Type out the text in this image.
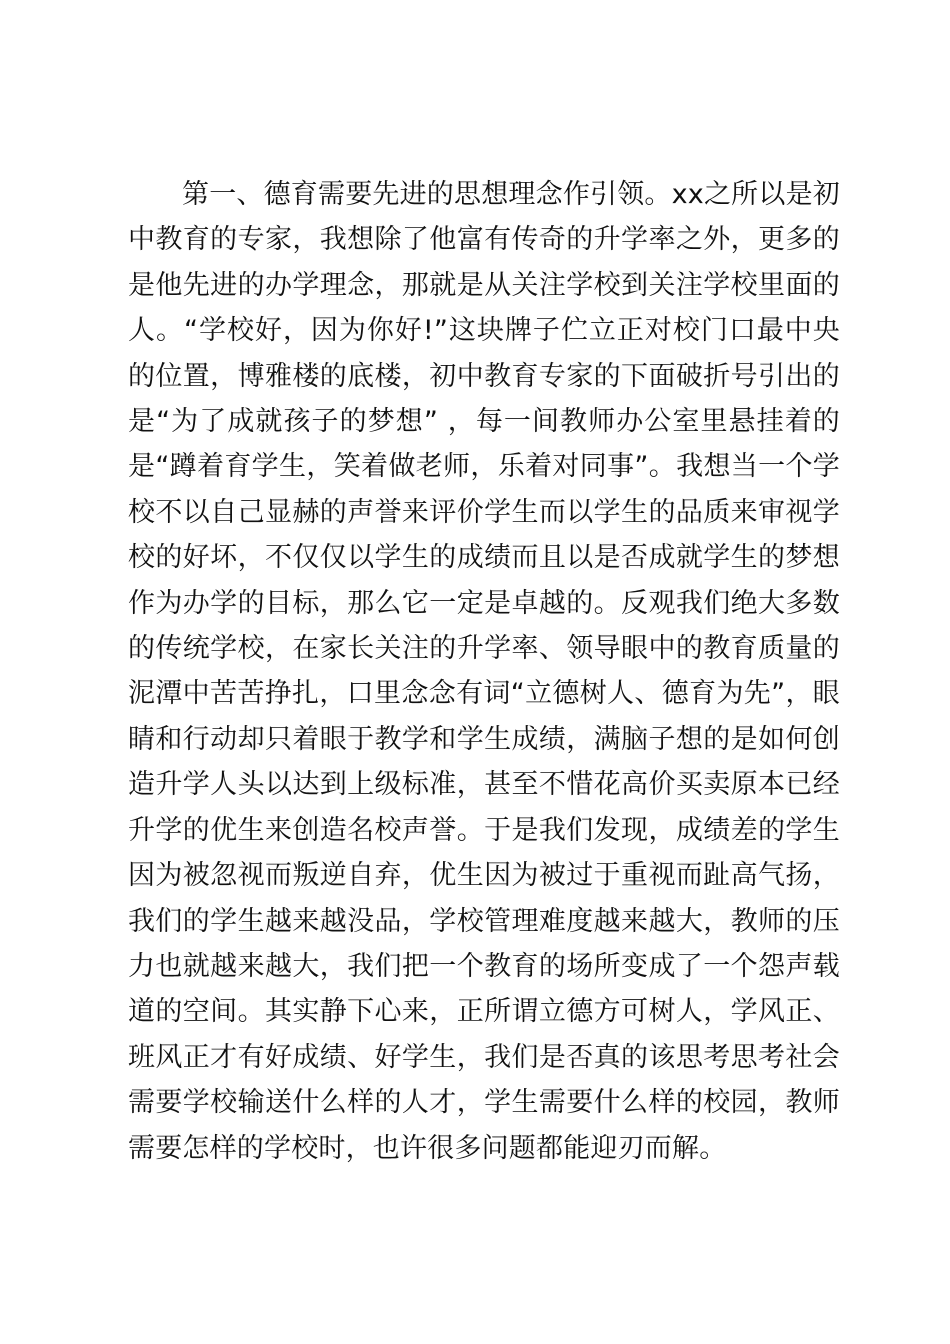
第一、德育需要先进的思想理念作引领。xx之所以是初中教育的专家，我想除了他富有传奇的升学率之外，更多的是他先进的办学理念，那就是从关注学校到关注学校里面的人。“学校好，因为你好!”这块牌子伫立正对校门口最中央的位置，博雅楼的底楼，初中教育专家的下面破折号引出的是“为了成就孩子的梦想” ，每一间教师办公室里悬挂着的是“蹲着育学生，笑着做老师，乐着对同事”。我想当一个学校不以自己显赫的声誉来评价学生而以学生的品质来审视学校的好坏，不仅仅以学生的成绩而且以是否成就学生的梦想作为办学的目标，那么它一定是卓越的。反观我们绝大多数的传统学校，在家长关注的升学率、领导眼中的教育质量的泥潭中苦苦挣扎，口里念念有词“立德树人、德育为先”，眼睛和行动却只着眼于教学和学生成绩，满脑子想的是如何创造升学人头以达到上级标准，甚至不惜花高价买卖原本已经升学的优生来创造名校声誉。于是我们发现，成绩差的学生因为被忽视而叛逆自弃，优生因为被过于重视而趾高气扬，我们的学生越来越没品，学校管理难度越来越大，教师的压力也就越来越大，我们把一个教育的场所变成了一个怨声载道的空间。其实静下心来，正所谓立德方可树人，学风正、班风正才有好成绩、好学生，我们是否真的该思考思考社会需要学校输送什么样的人才，学生需要什么样的校园，教师需要怎样的学校时，也许很多问题都能迎刃而解。
